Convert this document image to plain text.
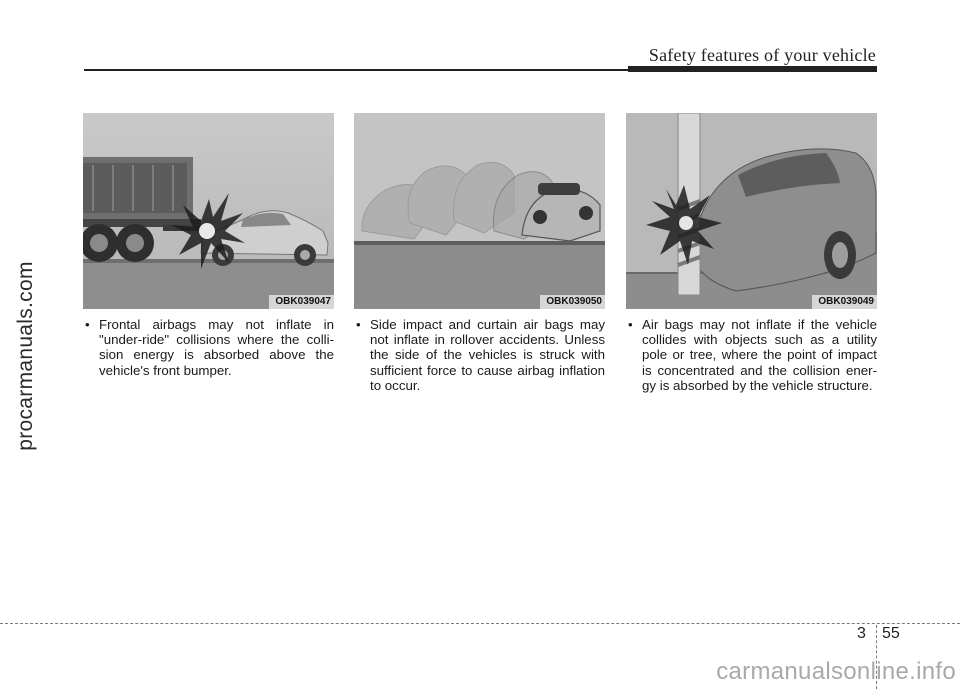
Safety features of your vehicle
procarmanuals.com	OBK039047
• Frontal airbags may not inflate in "under-ride" collisions where the colli-sion energy is absorbed above the vehicle's front bumper.
OBK039050
• Side impact and curtain air bags may not inflate in rollover accidents. Unless the side of the vehicles is struck with sufficient force to cause airbag inflation to occur.
OBK039049
• Air bags may not inflate if the vehicle collides with objects such as a utility pole or tree, where the point of impact is concentrated and the collision ener-gy is absorbed by the vehicle structure.
3 55
carmanualsonline.info
